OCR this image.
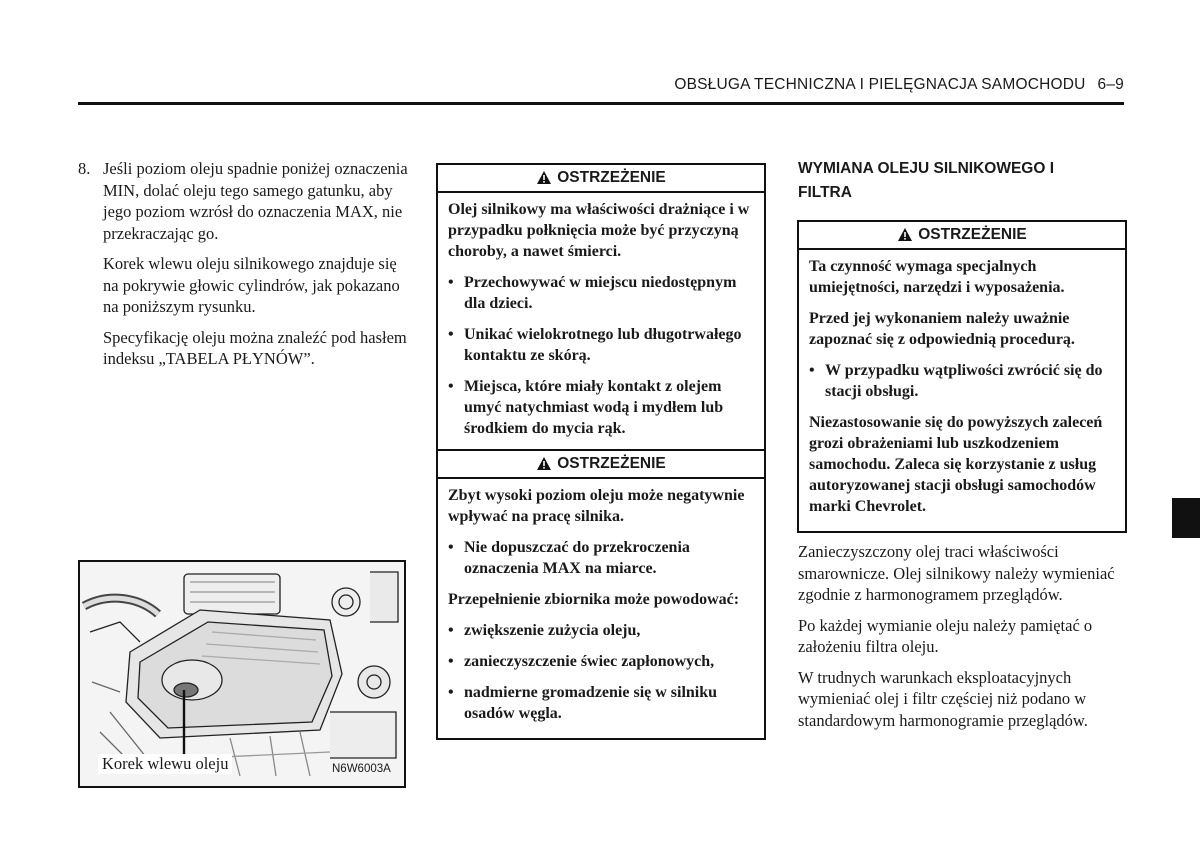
OBSŁUGA TECHNICZNA I PIELĘGNACJA SAMOCHODU 6–9

8. Jeśli poziom oleju spadnie poniżej oznaczenia MIN, dolać oleju tego samego gatunku, aby jego poziom wzrósł do oznaczenia MAX, nie przekraczając go.

Korek wlewu oleju silnikowego znajduje się na pokrywie głowic cylindrów, jak pokazano na poniższym rysunku.

Specyfikację oleju można znaleźć pod hasłem indeksu „TABELA PŁYNÓW”.

Korek wlewu oleju	N6W6003A
OSTRZEŻENIE

Olej silnikowy ma właściwości drażniące i w przypadku połknięcia może być przyczyną choroby, a nawet śmierci.

• Przechowywać w miejscu niedostępnym dla dzieci.
• Unikać wielokrotnego lub długotrwałego kontaktu ze skórą.
• Miejsca, które miały kontakt z olejem umyć natychmiast wodą i mydłem lub środkiem do mycia rąk.
OSTRZEŻENIE

Zbyt wysoki poziom oleju może negatywnie wpływać na pracę silnika.

• Nie dopuszczać do przekroczenia oznaczenia MAX na miarce.

Przepełnienie zbiornika może powodować:

• zwiększenie zużycia oleju,
• zanieczyszczenie świec zapłonowych,
• nadmierne gromadzenie się w silniku osadów węgla.
WYMIANA OLEJU SILNIKOWEGO I FILTRA
OSTRZEŻENIE

Ta czynność wymaga specjalnych umiejętności, narzędzi i wyposażenia.

Przed jej wykonaniem należy uważnie zapoznać się z odpowiednią procedurą.

• W przypadku wątpliwości zwrócić się do stacji obsługi.

Niezastosowanie się do powyższych zaleceń grozi obrażeniami lub uszkodzeniem samochodu. Zaleca się korzystanie z usług autoryzowanej stacji obsługi samochodów marki Chevrolet.

Zanieczyszczony olej traci właściwości smarownicze. Olej silnikowy należy wymieniać zgodnie z harmonogramem przeglądów.

Po każdej wymianie oleju należy pamiętać o założeniu filtra oleju.

W trudnych warunkach eksploatacyjnych wymieniać olej i filtr częściej niż podano w standardowym harmonogramie przeglądów.
